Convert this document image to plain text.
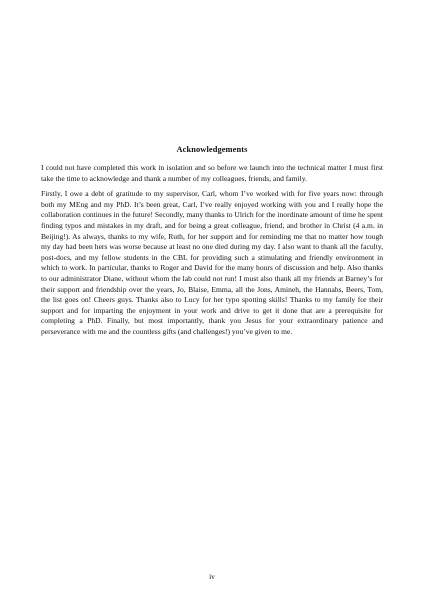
Acknowledgements

I could not have completed this work in isolation and so before we launch into the technical matter I must first take the time to acknowledge and thank a number of my colleagues, friends, and family.

Firstly, I owe a debt of gratitude to my supervisor, Carl, whom I’ve worked with for five years now: through both my MEng and my PhD. It’s been great, Carl, I’ve really enjoyed working with you and I really hope the collaboration continues in the future! Secondly, many thanks to Ulrich for the inordinate amount of time he spent finding typos and mistakes in my draft, and for being a great colleague, friend, and brother in Christ (4 a.m. in Beijing!). As always, thanks to my wife, Ruth, for her support and for reminding me that no matter how tough my day had been hers was worse because at least no one died during my day. I also want to thank all the faculty, post-docs, and my fellow students in the CBL for providing such a stimulating and friendly environment in which to work. In particular, thanks to Roger and David for the many hours of discussion and help. Also thanks to our administrator Diane, without whom the lab could not run! I must also thank all my friends at Barney’s for their support and friendship over the years, Jo, Blaise, Emma, all the Jons, Amineh, the Hannahs, Beers, Tom, the list goes on! Cheers guys. Thanks also to Lucy for her typo spotting skills! Thanks to my family for their support and for imparting the enjoyment in your work and drive to get it done that are a prerequisite for completing a PhD. Finally, but most importantly, thank you Jesus for your extraordinary patience and perseverance with me and the countless gifts (and challenges!) you’ve given to me.

iv
